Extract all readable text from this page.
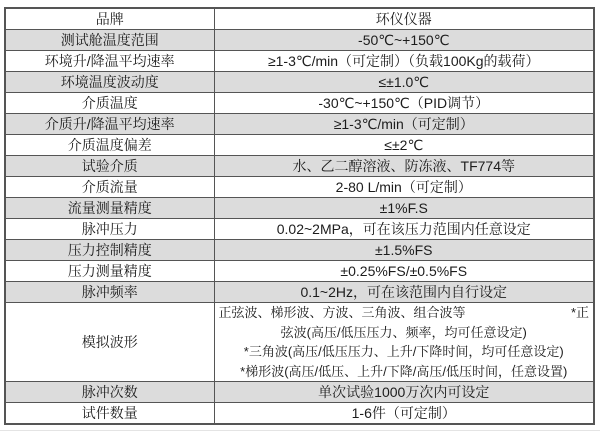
品牌	环仪仪器
测试舱温度范围	-50℃~+150℃
环境升/降温平均速率	≥1-3℃/min（可定制）（负载100Kg的载荷）
环境温度波动度	≤±1.0℃
介质温度	-30℃~+150℃（PID调节）
介质升/降温平均速率	≥1-3℃/min（可定制）
介质温度偏差	≤±2℃
试验介质	水、乙二醇溶液、防冻液、TF774等
介质流量	2-80 L/min（可定制）
流量测量精度	±1%F.S
脉冲压力	0.02~2MPa，可在该压力范围内任意设定
压力控制精度	±1.5%FS
压力测量精度	±0.25%FS/±0.5%FS
脉冲频率	0.1~2Hz，可在该范围内自行设定
模拟波形	正弦波、梯形波、方波、三角波、组合波等 *正
弦波(高压/低压压力、频率，均可任意设定)
*三角波(高压/低压压力、上升/下降时间，均可任意设定)
*梯形波(高压/低压、上升/下降/高压/低压时间，任意设置)

脉冲次数	单次试验1000万次内可设定
试件数量	1-6件（可定制）
